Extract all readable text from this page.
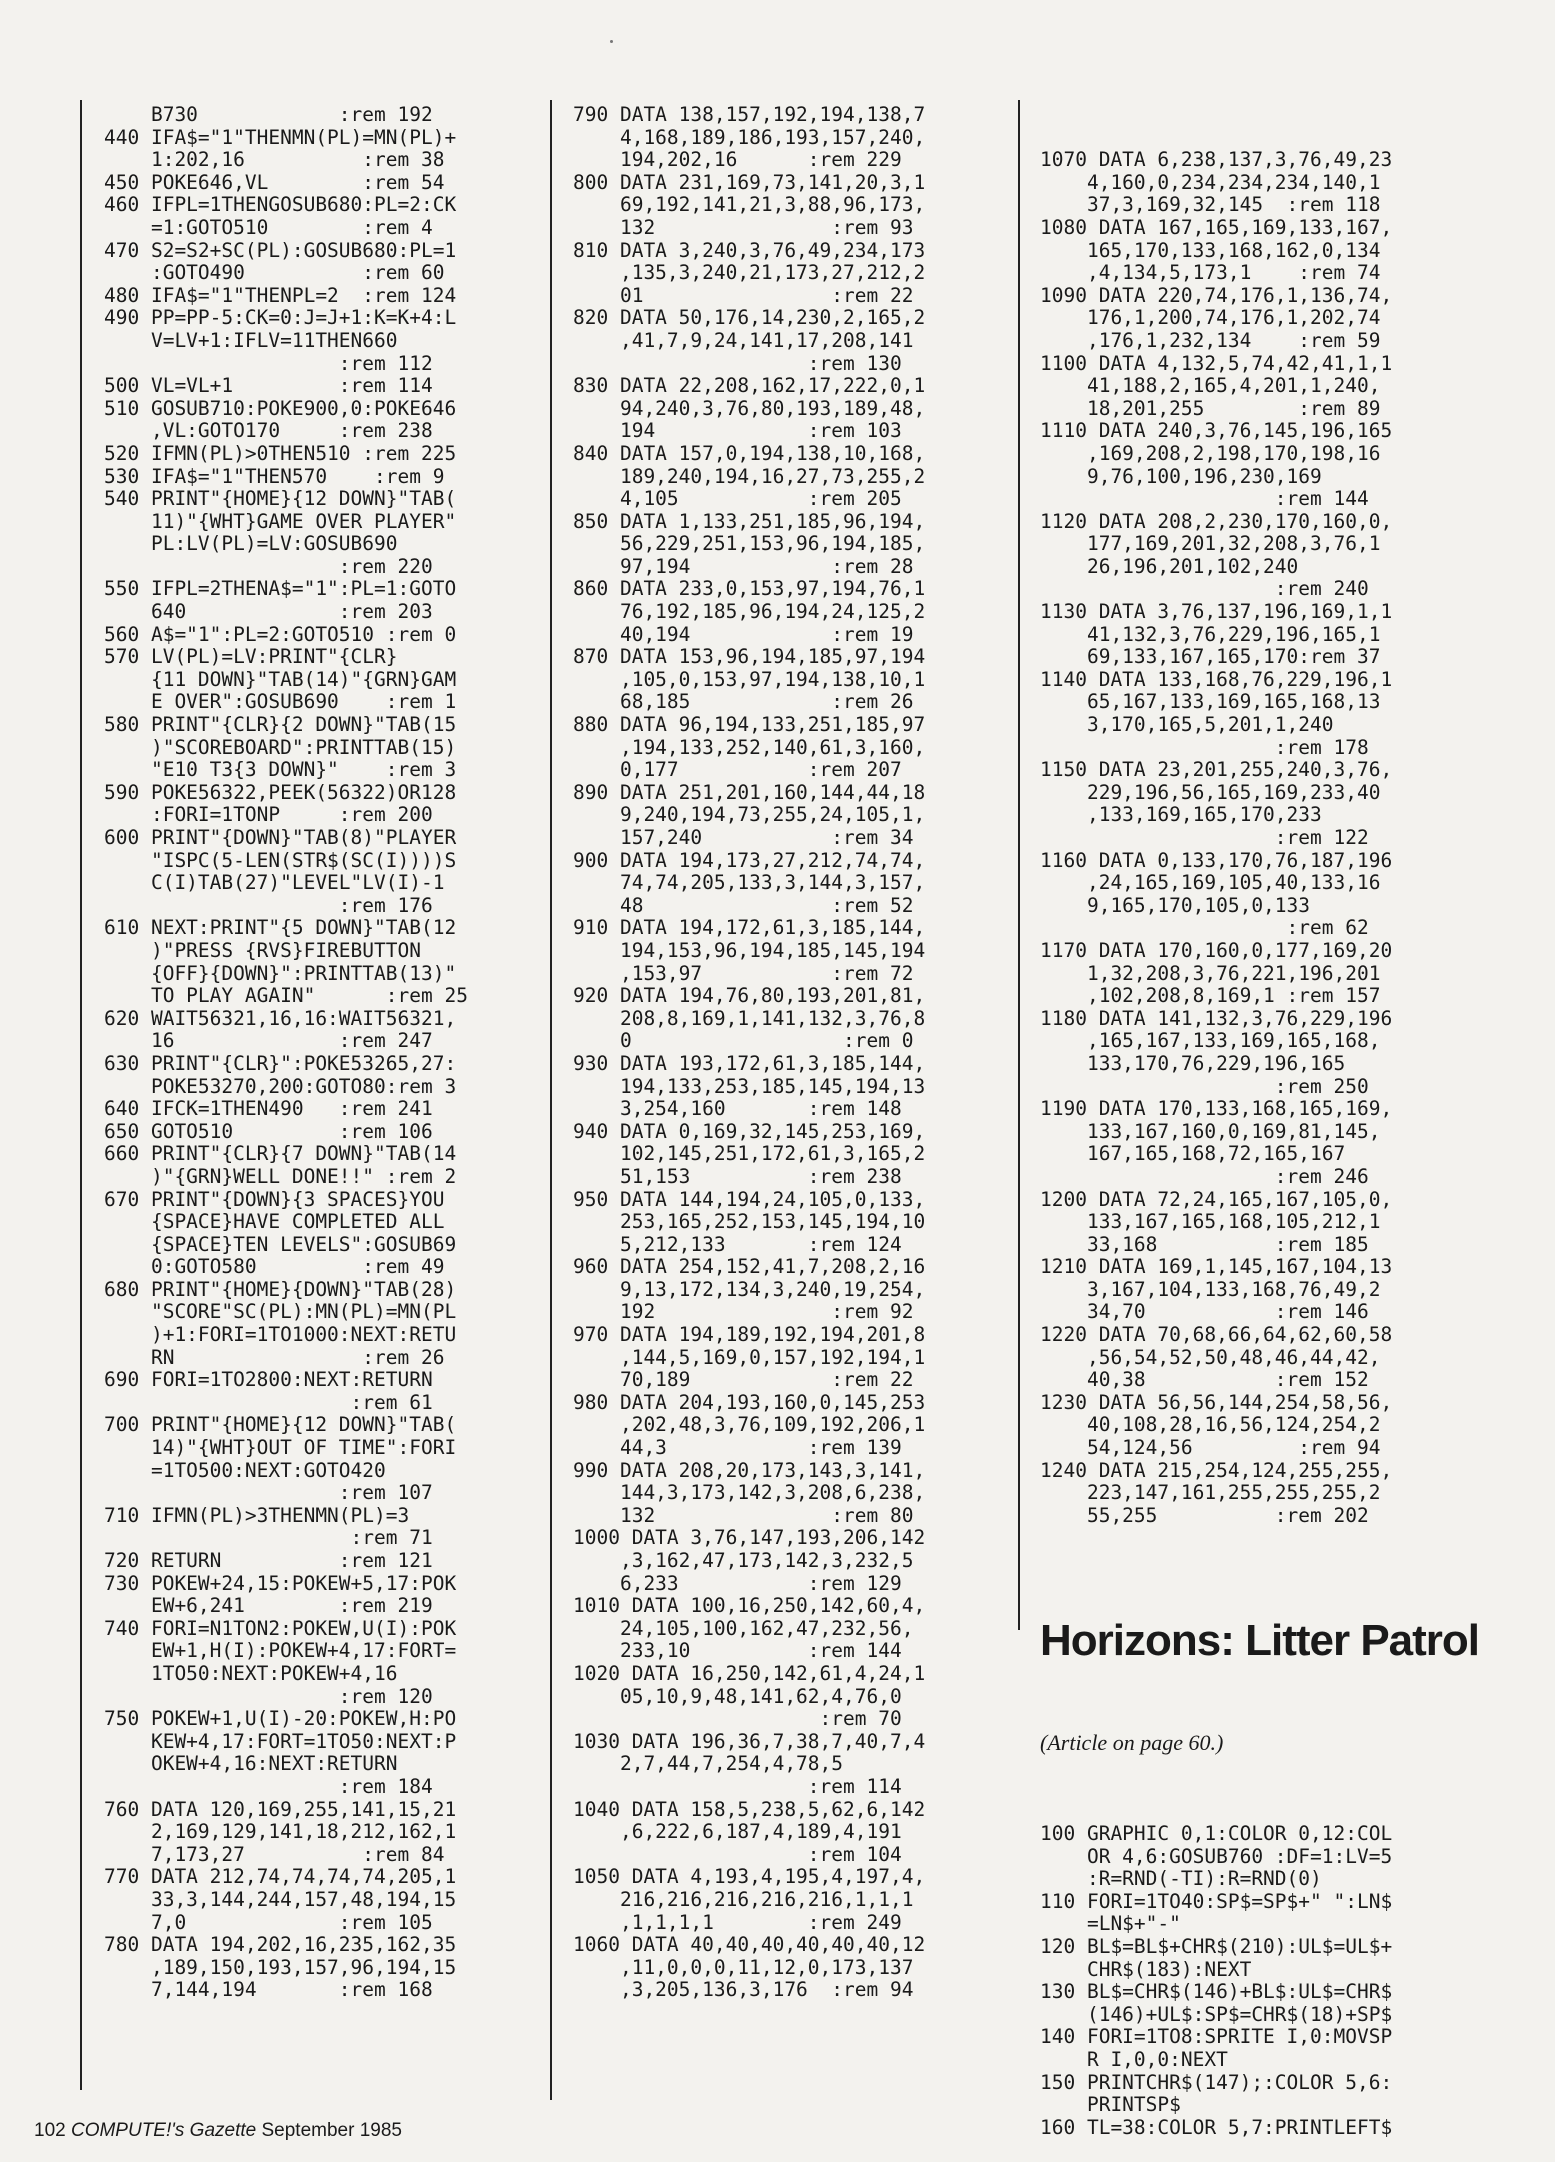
B730            :rem 192
440 IFA$="1"THENMN(PL)=MN(PL)+
1:202,16          :rem 38
450 POKE646,VL        :rem 54
460 IFPL=1THENGOSUB680:PL=2:CK
=1:GOTO510        :rem 4
470 S2=S2+SC(PL):GOSUB680:PL=1
:GOTO490          :rem 60
480 IFA$="1"THENPL=2  :rem 124
490 PP=PP-5:CK=0:J=J+1:K=K+4:L
V=LV+1:IFLV=11THEN660
:rem 112
500 VL=VL+1         :rem 114
510 GOSUB710:POKE900,0:POKE646
,VL:GOTO170     :rem 238
520 IFMN(PL)>0THEN510 :rem 225
530 IFA$="1"THEN570    :rem 9
540 PRINT"{HOME}{12 DOWN}"TAB(
11)"{WHT}GAME OVER PLAYER"
PL:LV(PL)=LV:GOSUB690
:rem 220
550 IFPL=2THENA$="1":PL=1:GOTO
640             :rem 203
560 A$="1":PL=2:GOTO510 :rem 0
570 LV(PL)=LV:PRINT"{CLR}
{11 DOWN}"TAB(14)"{GRN}GAM
E OVER":GOSUB690    :rem 1
580 PRINT"{CLR}{2 DOWN}"TAB(15
)"SCOREBOARD":PRINTTAB(15)
"E10 T3{3 DOWN}"    :rem 3
590 POKE56322,PEEK(56322)OR128
:FORI=1TONP     :rem 200
600 PRINT"{DOWN}"TAB(8)"PLAYER
"ISPC(5-LEN(STR$(SC(I))))S
C(I)TAB(27)"LEVEL"LV(I)-1
:rem 176
610 NEXT:PRINT"{5 DOWN}"TAB(12
)"PRESS {RVS}FIREBUTTON
{OFF}{DOWN}":PRINTTAB(13)"
TO PLAY AGAIN"      :rem 25
620 WAIT56321,16,16:WAIT56321,
16              :rem 247
630 PRINT"{CLR}":POKE53265,27:
POKE53270,200:GOTO80:rem 3
640 IFCK=1THEN490   :rem 241
650 GOTO510         :rem 106
660 PRINT"{CLR}{7 DOWN}"TAB(14
)"{GRN}WELL DONE!!" :rem 2
670 PRINT"{DOWN}{3 SPACES}YOU
{SPACE}HAVE COMPLETED ALL
{SPACE}TEN LEVELS":GOSUB69
0:GOTO580         :rem 49
680 PRINT"{HOME}{DOWN}"TAB(28)
"SCORE"SC(PL):MN(PL)=MN(PL
)+1:FORI=1TO1000:NEXT:RETU
RN                :rem 26
690 FORI=1TO2800:NEXT:RETURN
:rem 61
700 PRINT"{HOME}{12 DOWN}"TAB(
14)"{WHT}OUT OF TIME":FORI
=1TO500:NEXT:GOTO420
:rem 107
710 IFMN(PL)>3THENMN(PL)=3
:rem 71
720 RETURN          :rem 121
730 POKEW+24,15:POKEW+5,17:POK
EW+6,241        :rem 219
740 FORI=N1TON2:POKEW,U(I):POK
EW+1,H(I):POKEW+4,17:FORT=
1TO50:NEXT:POKEW+4,16
:rem 120
750 POKEW+1,U(I)-20:POKEW,H:PO
KEW+4,17:FORT=1TO50:NEXT:P
OKEW+4,16:NEXT:RETURN
:rem 184
760 DATA 120,169,255,141,15,21
2,169,129,141,18,212,162,1
7,173,27          :rem 84
770 DATA 212,74,74,74,74,205,1
33,3,144,244,157,48,194,15
7,0             :rem 105
780 DATA 194,202,16,235,162,35
,189,150,193,157,96,194,15
7,144,194       :rem 168
790 DATA 138,157,192,194,138,7
4,168,189,186,193,157,240,
194,202,16      :rem 229
800 DATA 231,169,73,141,20,3,1
69,192,141,21,3,88,96,173,
132               :rem 93
810 DATA 3,240,3,76,49,234,173
,135,3,240,21,173,27,212,2
01                :rem 22
820 DATA 50,176,14,230,2,165,2
,41,7,9,24,141,17,208,141
:rem 130
830 DATA 22,208,162,17,222,0,1
94,240,3,76,80,193,189,48,
194             :rem 103
840 DATA 157,0,194,138,10,168,
189,240,194,16,27,73,255,2
4,105           :rem 205
850 DATA 1,133,251,185,96,194,
56,229,251,153,96,194,185,
97,194            :rem 28
860 DATA 233,0,153,97,194,76,1
76,192,185,96,194,24,125,2
40,194            :rem 19
870 DATA 153,96,194,185,97,194
,105,0,153,97,194,138,10,1
68,185            :rem 26
880 DATA 96,194,133,251,185,97
,194,133,252,140,61,3,160,
0,177           :rem 207
890 DATA 251,201,160,144,44,18
9,240,194,73,255,24,105,1,
157,240           :rem 34
900 DATA 194,173,27,212,74,74,
74,74,205,133,3,144,3,157,
48                :rem 52
910 DATA 194,172,61,3,185,144,
194,153,96,194,185,145,194
,153,97           :rem 72
920 DATA 194,76,80,193,201,81,
208,8,169,1,141,132,3,76,8
0                  :rem 0
930 DATA 193,172,61,3,185,144,
194,133,253,185,145,194,13
3,254,160       :rem 148
940 DATA 0,169,32,145,253,169,
102,145,251,172,61,3,165,2
51,153          :rem 238
950 DATA 144,194,24,105,0,133,
253,165,252,153,145,194,10
5,212,133       :rem 124
960 DATA 254,152,41,7,208,2,16
9,13,172,134,3,240,19,254,
192               :rem 92
970 DATA 194,189,192,194,201,8
,144,5,169,0,157,192,194,1
70,189            :rem 22
980 DATA 204,193,160,0,145,253
,202,48,3,76,109,192,206,1
44,3            :rem 139
990 DATA 208,20,173,143,3,141,
144,3,173,142,3,208,6,238,
132               :rem 80
1000 DATA 3,76,147,193,206,142
,3,162,47,173,142,3,232,5
6,233           :rem 129
1010 DATA 100,16,250,142,60,4,
24,105,100,162,47,232,56,
233,10          :rem 144
1020 DATA 16,250,142,61,4,24,1
05,10,9,48,141,62,4,76,0
:rem 70
1030 DATA 196,36,7,38,7,40,7,4
2,7,44,7,254,4,78,5
:rem 114
1040 DATA 158,5,238,5,62,6,142
,6,222,6,187,4,189,4,191
:rem 104
1050 DATA 4,193,4,195,4,197,4,
216,216,216,216,216,1,1,1
,1,1,1,1        :rem 249
1060 DATA 40,40,40,40,40,40,12
,11,0,0,0,11,12,0,173,137
,3,205,136,3,176  :rem 94

1070 DATA 6,238,137,3,76,49,23
4,160,0,234,234,234,140,1
37,3,169,32,145  :rem 118
1080 DATA 167,165,169,133,167,
165,170,133,168,162,0,134
,4,134,5,173,1    :rem 74
1090 DATA 220,74,176,1,136,74,
176,1,200,74,176,1,202,74
,176,1,232,134    :rem 59
1100 DATA 4,132,5,74,42,41,1,1
41,188,2,165,4,201,1,240,
18,201,255        :rem 89
1110 DATA 240,3,76,145,196,165
,169,208,2,198,170,198,16
9,76,100,196,230,169
:rem 144
1120 DATA 208,2,230,170,160,0,
177,169,201,32,208,3,76,1
26,196,201,102,240
:rem 240
1130 DATA 3,76,137,196,169,1,1
41,132,3,76,229,196,165,1
69,133,167,165,170:rem 37
1140 DATA 133,168,76,229,196,1
65,167,133,169,165,168,13
3,170,165,5,201,1,240
:rem 178
1150 DATA 23,201,255,240,3,76,
229,196,56,165,169,233,40
,133,169,165,170,233
:rem 122
1160 DATA 0,133,170,76,187,196
,24,165,169,105,40,133,16
9,165,170,105,0,133
:rem 62
1170 DATA 170,160,0,177,169,20
1,32,208,3,76,221,196,201
,102,208,8,169,1 :rem 157
1180 DATA 141,132,3,76,229,196
,165,167,133,169,165,168,
133,170,76,229,196,165
:rem 250
1190 DATA 170,133,168,165,169,
133,167,160,0,169,81,145,
167,165,168,72,165,167
:rem 246
1200 DATA 72,24,165,167,105,0,
133,167,165,168,105,212,1
33,168          :rem 185
1210 DATA 169,1,145,167,104,13
3,167,104,133,168,76,49,2
34,70           :rem 146
1220 DATA 70,68,66,64,62,60,58
,56,54,52,50,48,46,44,42,
40,38           :rem 152
1230 DATA 56,56,144,254,58,56,
40,108,28,16,56,124,254,2
54,124,56         :rem 94
1240 DATA 215,254,124,255,255,
223,147,161,255,255,255,2
55,255          :rem 202

Horizons: Litter Patrol

(Article on page 60.)

100 GRAPHIC 0,1:COLOR 0,12:COL
OR 4,6:GOSUB760 :DF=1:LV=5
:R=RND(-TI):R=RND(0)
110 FORI=1TO40:SP$=SP$+" ":LN$
=LN$+"-"
120 BL$=BL$+CHR$(210):UL$=UL$+
CHR$(183):NEXT
130 BL$=CHR$(146)+BL$:UL$=CHR$
(146)+UL$:SP$=CHR$(18)+SP$
140 FORI=1TO8:SPRITE I,0:MOVSP
R I,0,0:NEXT
150 PRINTCHR$(147);:COLOR 5,6:
PRINTSP$
160 TL=38:COLOR 5,7:PRINTLEFT$

102 COMPUTE!'s Gazette September 1985
